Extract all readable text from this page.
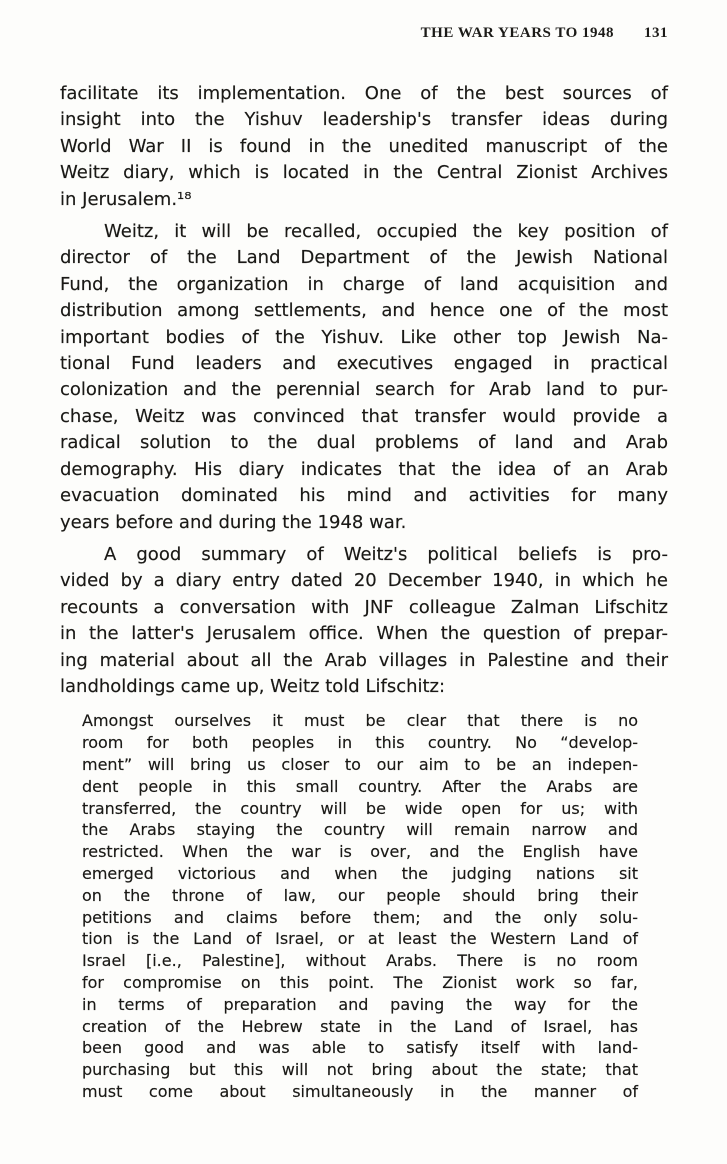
THE WAR YEARS TO 1948 131
facilitate its implementation. One of the best sources of
insight into the Yishuv leadership's transfer ideas during
World War II is found in the unedited manuscript of the
Weitz diary, which is located in the Central Zionist Archives
in Jerusalem.¹⁸
Weitz, it will be recalled, occupied the key position of
director of the Land Department of the Jewish National
Fund, the organization in charge of land acquisition and
distribution among settlements, and hence one of the most
important bodies of the Yishuv. Like other top Jewish Na-
tional Fund leaders and executives engaged in practical
colonization and the perennial search for Arab land to pur-
chase, Weitz was convinced that transfer would provide a
radical solution to the dual problems of land and Arab
demography. His diary indicates that the idea of an Arab
evacuation dominated his mind and activities for many
years before and during the 1948 war.
A good summary of Weitz's political beliefs is pro-
vided by a diary entry dated 20 December 1940, in which he
recounts a conversation with JNF colleague Zalman Lifschitz
in the latter's Jerusalem office. When the question of prepar-
ing material about all the Arab villages in Palestine and their
landholdings came up, Weitz told Lifschitz:
Amongst ourselves it must be clear that there is no
room for both peoples in this country. No “develop-
ment” will bring us closer to our aim to be an indepen-
dent people in this small country. After the Arabs are
transferred, the country will be wide open for us; with
the Arabs staying the country will remain narrow and
restricted. When the war is over, and the English have
emerged victorious and when the judging nations sit
on the throne of law, our people should bring their
petitions and claims before them; and the only solu-
tion is the Land of Israel, or at least the Western Land of
Israel [i.e., Palestine], without Arabs. There is no room
for compromise on this point. The Zionist work so far,
in terms of preparation and paving the way for the
creation of the Hebrew state in the Land of Israel, has
been good and was able to satisfy itself with land-
purchasing but this will not bring about the state; that
must come about simultaneously in the manner of
